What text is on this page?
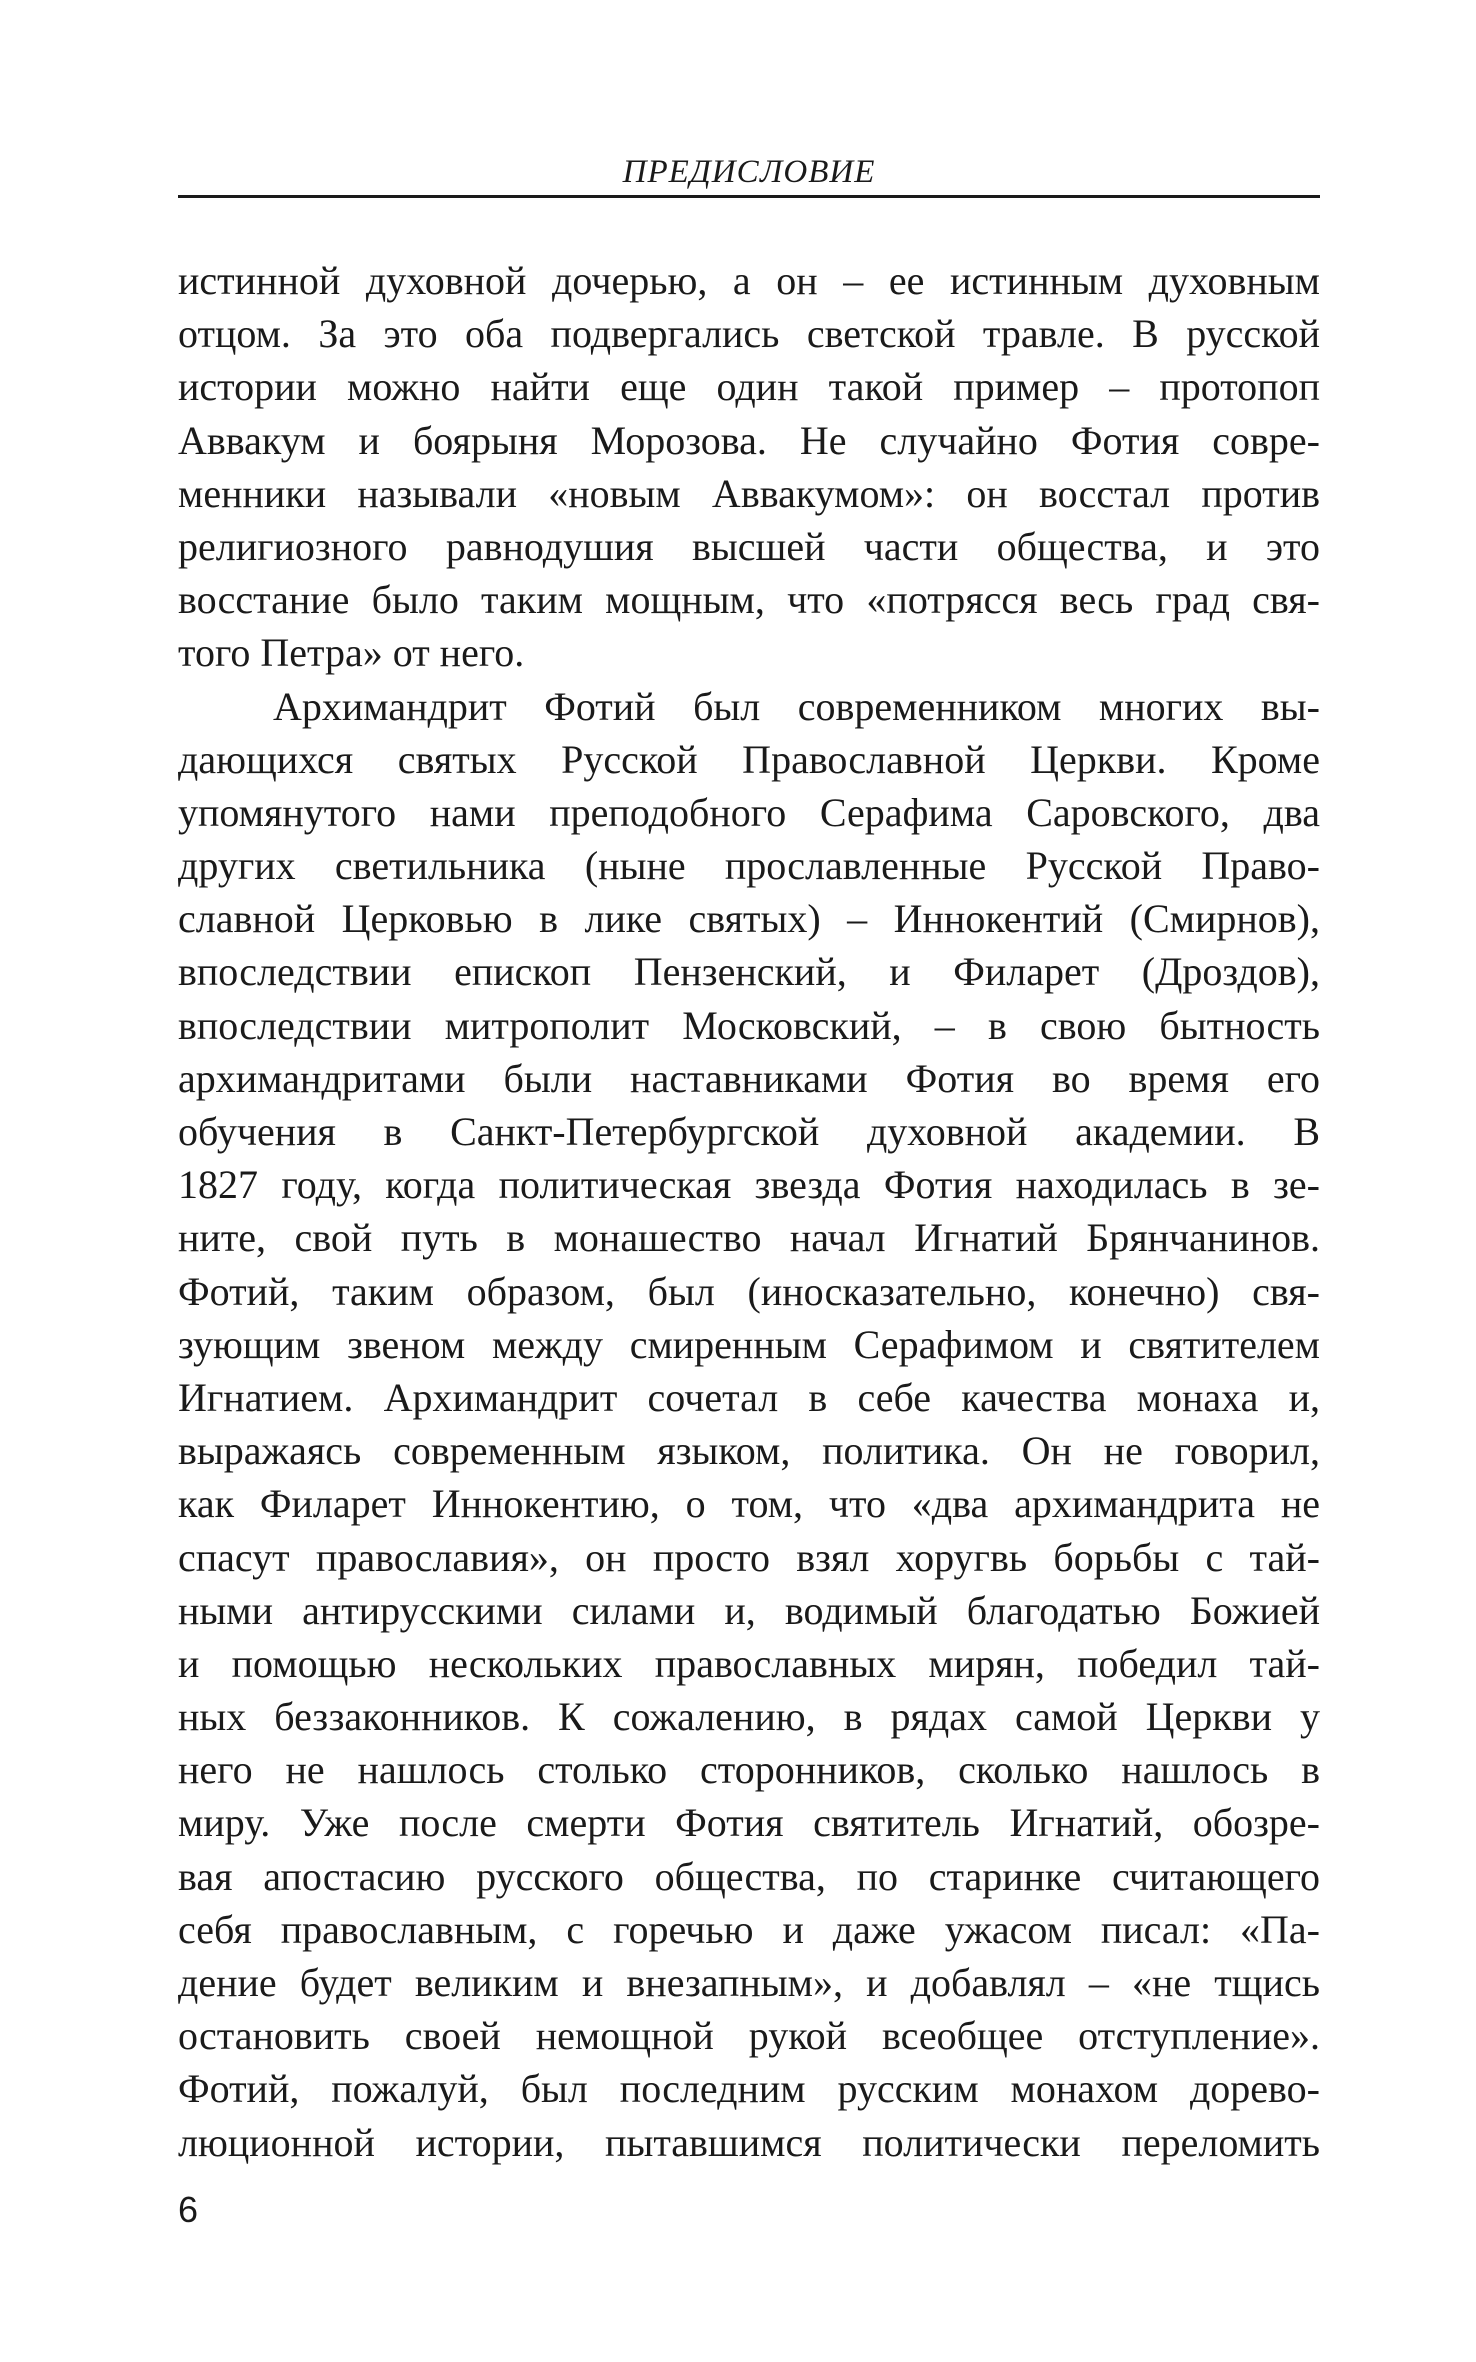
ПРЕДИСЛОВИЕ
истинной духовной дочерью, а он – ее истинным духовным
отцом. За это оба подвергались светской травле. В русской
истории можно найти еще один такой пример – протопоп
Аввакум и боярыня Морозова. Не случайно Фотия совре-
менники называли «новым Аввакумом»: он восстал против
религиозного равнодушия высшей части общества, и это
восстание было таким мощным, что «потрясся весь град свя-
того Петра» от него.
Архимандрит Фотий был современником многих вы-
дающихся святых Русской Православной Церкви. Кроме
упомянутого нами преподобного Серафима Саровского, два
других светильника (ныне прославленные Русской Право-
славной Церковью в лике святых) – Иннокентий (Смирнов),
впоследствии епископ Пензенский, и Филарет (Дроздов),
впоследствии митрополит Московский, – в свою бытность
архимандритами были наставниками Фотия во время его
обучения в Санкт-Петербургской духовной академии. В
1827 году, когда политическая звезда Фотия находилась в зе-
ните, свой путь в монашество начал Игнатий Брянчанинов.
Фотий, таким образом, был (иносказательно, конечно) свя-
зующим звеном между смиренным Серафимом и святителем
Игнатием. Архимандрит сочетал в себе качества монаха и,
выражаясь современным языком, политика. Он не говорил,
как Филарет Иннокентию, о том, что «два архимандрита не
спасут православия», он просто взял хоругвь борьбы с тай-
ными антирусскими силами и, водимый благодатью Божией
и помощью нескольких православных мирян, победил тай-
ных беззаконников. К сожалению, в рядах самой Церкви у
него не нашлось столько сторонников, сколько нашлось в
миру. Уже после смерти Фотия святитель Игнатий, обозре-
вая апостасию русского общества, по старинке считающего
себя православным, с горечью и даже ужасом писал: «Па-
дение будет великим и внезапным», и добавлял – «не тщись
остановить своей немощной рукой всеобщее отступление».
Фотий, пожалуй, был последним русским монахом дорево-
люционной истории, пытавшимся политически переломить
6
